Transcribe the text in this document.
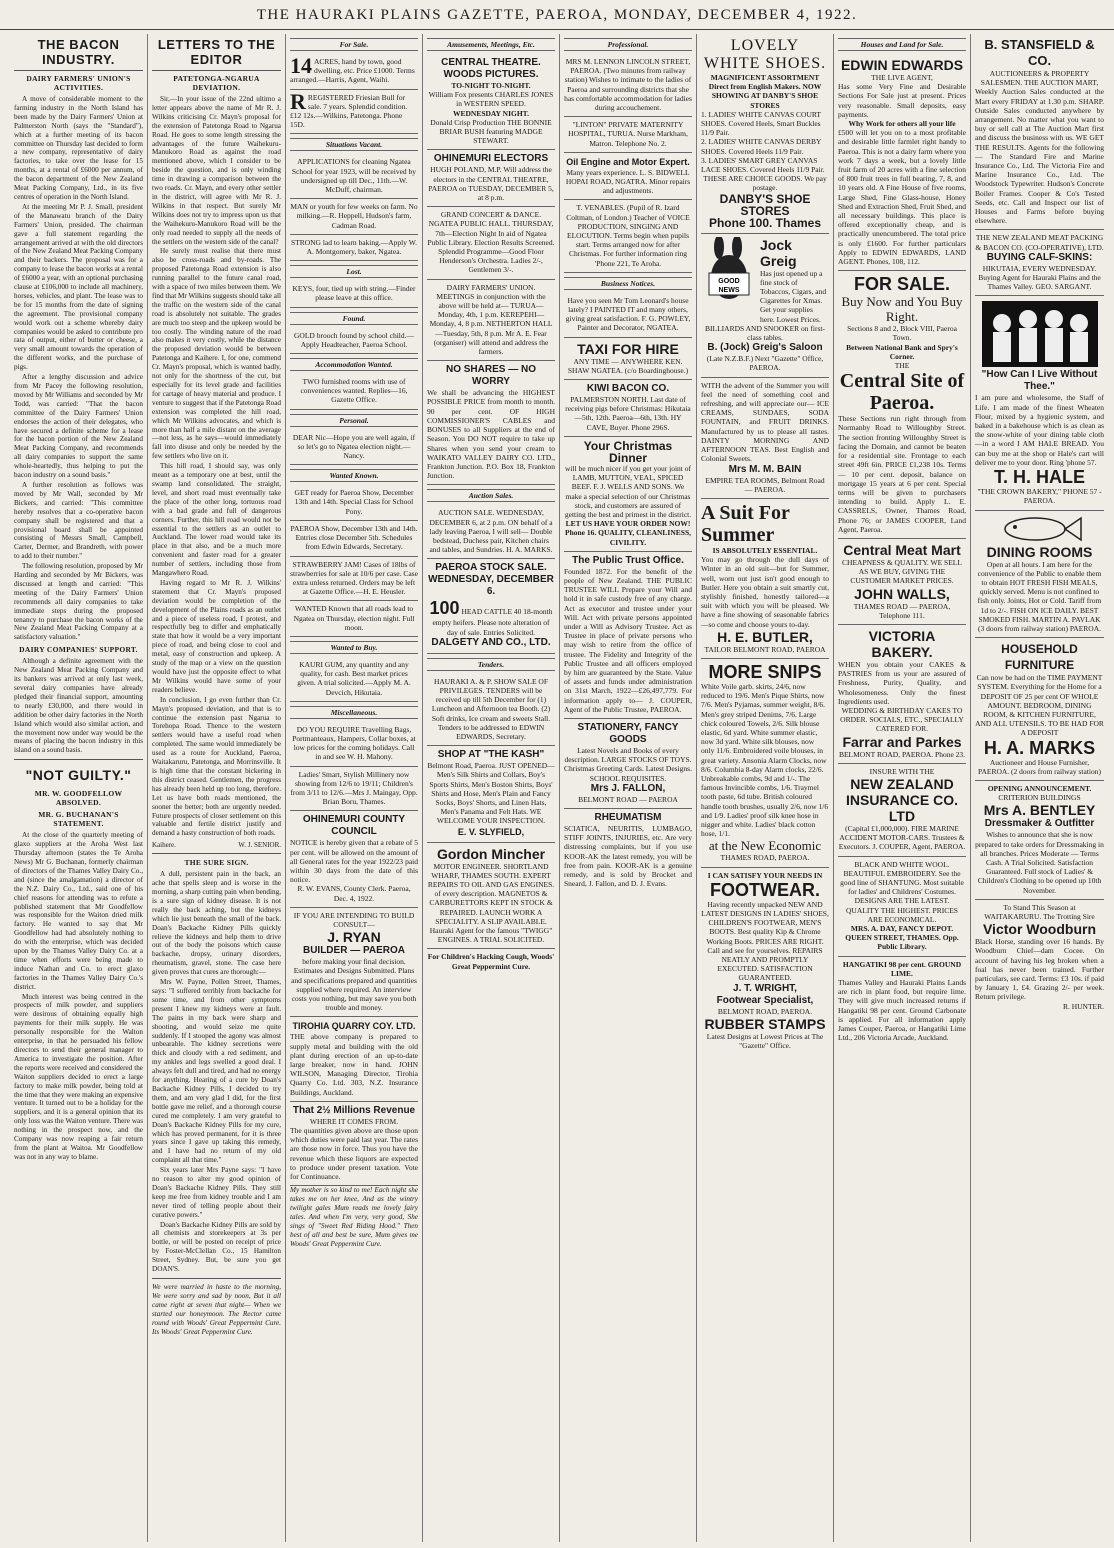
THE HAURAKI PLAINS GAZETTE, PAEROA, MONDAY, DECEMBER 4, 1922.
THE BACON INDUSTRY.
DAIRY FARMERS' UNION'S ACTIVITIES.

A move of considerable moment to the farming industry in the North Island has been made by the Dairy Farmers' Union at Palmerston North (says the "Standard"), which at a further meeting of its bacon committee on Thursday last decided to form a new company, representative of dairy factories, to take over the lease for 15 months, at a rental of £6000 per annum, of the bacon department of the New Zealand Meat Packing Company, Ltd., in its five centres of operation in the North Island.

At the meeting Mr P. J. Small, president of the Manawatu branch of the Dairy Farmers' Union, presided. The chairman gave a full statement regarding the arrangement arrived at with the old directors of the New Zealand Meat Packing Company and their backers. The proposal was for a company to lease the bacon works at a rental of £6000 a year, with an optional purchasing clause at £106,000 to include all machinery, horses, vehicles, and plant. The lease was to be for 15 months from the date of signing the agreement. The provisional company would work out a scheme whereby dairy companies would be asked to contribute pro rata of output, either of butter or cheese, a very small amount towards the operation of the different works, and the purchase of pigs.

After a lengthy discussion and advice from Mr Pacey the following resolution, moved by Mr Williams and seconded by Mr Todd, was carried: "That the bacon committee of the Dairy Farmers' Union endorses the action of their delegates, who have secured a definite scheme for a lease for the bacon portion of the New Zealand Meat Packing Company, and recommends all dairy companies to support the same whole-heartedly, thus helping to put the bacon industry on a sound basis."

A further resolution as follows was moved by Mr Wall, seconded by Mr Bickers, and carried: "This committee hereby resolves that a co-operative bacon company shall be registered and that a provisional board shall be appointed consisting of Messrs Small, Campbell, Carter, Dermer, and Brandreth, with power to add to their number."

The following resolution, proposed by Mr Harding and seconded by Mr Bickers, was discussed at length and carried: "This meeting of the Dairy Farmers' Union recommends all dairy companies to take immediate steps during the proposed tenancy to purchase the bacon works of the New Zealand Meat Packing Company at a satisfactory valuation."

DAIRY COMPANIES' SUPPORT.

Although a definite agreement with the New Zealand Meat Packing Company and its bankers was arrived at only last week, several dairy companies have already pledged their financial support, amounting to nearly £30,000, and there would in addition be other dairy factories in the North Island which would also similar action, and the movement now under way would be the means of placing the bacon industry in this island on a sound basis.

"NOT GUILTY."
MR. W. GOODFELLOW ABSOLVED.
MR. G. BUCHANAN'S STATEMENT.

At the close of the quarterly meeting of glaxo suppliers at the Aroha West last Thursday afternoon (states the Te Aroha News) Mr G. Buchanan, formerly chairman of directors of the Thames Valley Dairy Co., and (since the amalgamation) a director of the N.Z. Dairy Co., Ltd., said one of his chief reasons for attending was to refute a published statement that Mr Goodfellow was responsible for the Waiton dried milk factory. He wanted to say that Mr Goodfellow had had absolutely nothing to do with the enterprise, which was decided upon by the Thames Valley Dairy Co. at a time when efforts were being made to induce Nathan and Co. to erect glaxo factories in the Thames Valley Dairy Co.'s district.

Much interest was being centred in the prospects of milk powder, and suppliers were desirous of obtaining equally high payments for their milk supply. He was personally responsible for the Walton enterprise, in that he persuaded his fellow directors to send their general manager to America to investigate the position. After the reports were received and considered the Waiton suppliers decided to erect a large factory to make milk powder, being told at the time that they were making an expensive venture. It turned out to be a holiday for the suppliers, and it is a general opinion that its only loss was the Waiton venture. There was nothing in the prospect now, and the Company was now reaping a fair return from the plant at Waitoa. Mr Goodfellow was not in any way to blame.

LETTERS TO THE EDITOR
PATETONGA-NGARUA DEVIATION.

Sir,—In your issue of the 22nd ultimo a letter appears above the name of Mr R. J. Wilkins criticising Cr. Mayn's proposal for the extension of Patetonga Road to Ngarua Road. He goes to some length stressing the advantages of the future Waihekuru-Manukoro Road as against the road mentioned above, which I consider to be beside the question, and is only winding time in drawing a comparison between the two roads. Cr. Mayn, and every other settler in the district, will agree with Mr R. J. Wilkins in that respect. But surely Mr Wilkins does not try to impress upon us that the Waihekuru-Manukoro Road will be the only road needed to supply all the needs of the settlers on the western side of the canal?

He surely must realise that there must also be cross-roads and by-roads. The proposed Patetonga Road extension is also running parallel to the future canal road, with a space of two miles between them. We find that Mr Wilkins suggests should take all the traffic on the western side of the canal road is absolutely not suitable. The grades are much too steep and the upkeep would be too costly. The winding nature of the road also makes it very costly, while the distance the proposed deviation would be between Patetonga and Kaihere. I, for one, commend Cr. Mayn's proposal, which is wanted badly, not only for the shortness of the cut, but especially for its level grade and facilities for cartage of heavy material and produce. I venture to suggest that if the Patetonga Road extension was completed the hill road, which Mr Wilkins advocates, and which is more than half a mile distant on the average—not less, as he says—would immediately fall into disuse and only be needed by the few settlers who live on it.

This hill road, I should say, was only meant as a temporary one at best, until the swamp land consolidated. The straight, level, and short road must eventually take the place of the other long, tortuous road with a bad grade and full of dangerous corners. Further, this hill road would not be essential to the settlers as an outlet to Auckland. The lower road would take its place in that also, and be a much more convenient and faster road for a greater number of settlers, including those from Mangawhero Road.

Having regard to Mr R. J. Wilkins' statement that Cr. Mayn's proposed deviation would be completion of the development of the Plains roads as an outlet and a piece of useless road, I protest, and respectfully beg to differ and emphatically state that how it would be a very important piece of road, and being close to cool and metal, easy of construction and upkeep. A study of the map or a view on the question would have just the opposite effect to what Mr Wilkins would have some of your readers believe.

In conclusion, I go even further than Cr. Mayn's proposed deviation, and that is to continue the extension past Ngarua to Torehopa Road. Thence to the western settlers would have a useful road when completed. The same would immediately be used as a route for Auckland, Paeroa, Waitakaruru, Patetonga, and Morrinsville. It is high time that the constant bickering in this district ceased. Gentlemen, the progress has already been held up too long, therefore. Let us have both roads mentioned, the sooner the better; both are urgently needed. Future prospects of closer settlement on this valuable and fertile district justify and demand a hasty construction of both roads.

Kaihere.	W. J. SENIOR.
THE SURE SIGN.

A dull, persistent pain in the back, an ache that spells sleep and is worse in the morning, a sharp cutting pain when bending, is a sure sign of kidney disease. It is not really the back aching, but the kidneys which lie just beneath the small of the back. Doan's Backache Kidney Pills quickly relieve the kidneys and help them to drive out of the body the poisons which cause backache, dropsy, urinary disorders, rheumatism, gravel, stone. The case here given proves that cures are thorough:—

Mrs W. Payne, Pollen Street, Thames, says: "I suffered terribly from backache for some time, and from other symptoms present I knew my kidneys were at fault. The pains in my back were sharp and shooting, and would seize me quite suddenly. If I stooped the agony was almost unbearable. The kidney secretions were thick and cloudy with a red sediment, and my ankles and legs swelled a good deal. I always felt dull and tired, and had no energy for anything. Hearing of a cure by Doan's Backache Kidney Pills, I decided to try them, and am very glad I did, for the first bottle gave me relief, and a thorough course cured me completely. I am very grateful to Doan's Backache Kidney Pills for my cure, which has proved permanent, for it is three years since I gave up taking this remedy, and I have had no return of my old complaint all that time."

Six years later Mrs Payne says: "I have no reason to alter my good opinion of Doan's Backache Kidney Pills. They still keep me free from kidney trouble and I am never tired of telling people about their curative powers."

Doan's Backache Kidney Pills are sold by all chemists and storekeepers at 3s per bottle, or will be posted on receipt of price by Foster-McClellan Co., 15 Hamilton Street, Sydney. But, be sure you get DOAN'S.

We were married in haste to the morning, We were sorry and sad by noon, But it all came right at seven that night— When we started our honeymoon. The Rector came round with Woods' Great Peppermint Cure. Its Woods' Great Peppermint Cure.
For Sale.
14 ACRES, hand by town, good dwelling, etc. Price £1000. Terms arranged.—Harris, Agent, Waihi.
RREGISTERED Friesian Bull for sale. 7 years. Splendid condition. £12 12s.—Wilkins, Patetonga. Phone 15D.
Situations Vacant.
APPLICATIONS for cleaning Ngatea School for year 1923, will be received by undersigned up till Dec., 11th.—W. McDuff, chairman.
MAN or youth for few weeks on farm. No milking.—R. Heppell, Hudson's farm, Cadman Road.
STRONG lad to learn baking.—Apply W. A. Montgomery, baker, Ngatea.
Lost.
KEYS, four, tied up with string.—Finder please leave at this office.
Found.
GOLD brooch found by school child.—Apply Headteacher, Paeroa School.
Accommodation Wanted.
TWO furnished rooms with use of conveniences wanted. Replies—16, Gazette Office.
Personal.
DEAR Nic—Hope you are well again, if so let's go to Ngatea election night.—Nancy.
Wanted Known.
GET ready for Paeroa Show, December 13th and 14th. Special Class for School Pony.
PAEROA Show, December 13th and 14th. Entries close December 5th. Schedules from Edwin Edwards, Secretary.
STRAWBERRY JAM! Cases of 18lbs of strawberries for sale at 10/6 per case. Case extra unless returned. Orders may be left at Gazette Office.—H. E. Heusler.
WANTED Known that all roads lead to Ngatea on Thursday, election night. Full moon.
Wanted to Buy.
KAURI GUM, any quantity and any quality, for cash. Best market prices given. A trial solicited.—Apply M. A. Devcich, Hikutaia.
Miscellaneous.
DO YOU REQUIRE Travelling Bags, Portmanteaux, Hampers, Collar boxes, at low prices for the coming holidays. Call in and see W. H. Mahony.
Ladies' Smart, Stylish Millinery now showing from 12/6 to 19/11; Children's from 3/11 to 12/6.—Mrs J. Maingay, Opp. Brian Boru, Thames.
OHINEMURI COUNTY COUNCIL
NOTICE is hereby given that a rebate of 5 per cent. will be allowed on the amount of all General rates for the year 1922/23 paid within 30 days from the date of this notice.
R. W. EVANS, County Clerk. Paeroa, Dec. 4, 1922.
IF YOU ARE INTENDING TO BUILD CONSULT—
J. RYAN
BUILDER — PAEROA
before making your final decision. Estimates and Designs Submitted. Plans and specifications prepared and quantities supplied where required. An interview costs you nothing, but may save you both trouble and money.
TIROHIA QUARRY COY. LTD.
THE above company is prepared to supply metal and building with the old plant during erection of an up-to-date large breaker, now in hand. JOHN WILSON, Managing Director, Tirohia Quarry Co. Ltd. 303, N.Z. Insurance Buildings, Auckland.
That 2½ Millions Revenue
WHERE IT COMES FROM.
The quantities given above are those upon which duties were paid last year. The rates are those now in force. Thus you have the revenue which these liquors are expected to produce under present taxation. Vote for Continuance.
My mother is so kind to me! Each night she takes me on her knee, And as the wintry twilight gales Mum reads me lovely fairy tales. And when I'm very, very good, She sings of "Sweet Red Riding Hood." Then best of all and best be sure, Mum gives me Woods' Great Peppermint Cure.
Amusements, Meetings, Etc.
CENTRAL THEATRE.
WOODS PICTURES.
TO-NIGHT TO-NIGHT.
William Fox presents CHARLES JONES in WESTERN SPEED.
WEDNESDAY NIGHT.
Donald Crisp Production THE BONNIE BRIAR BUSH featuring MADGE STEWART.
OHINEMURI ELECTORS
HUGH POLAND, M.P. Will address the electors in the CENTRAL THEATRE, PAEROA on TUESDAY, DECEMBER 5, at 8 p.m.
GRAND CONCERT & DANCE. NGATEA PUBLIC HALL. THURSDAY, 7th—Election Night In aid of Ngatea Public Library. Election Results Screened. Splendid Programme—Good Floor Henderson's Orchestra. Ladies 2/-, Gentlemen 3/-.
DAIRY FARMERS' UNION. MEETINGS in conjunction with the above will be held at— TURUA—Monday, 4th, 1 p.m. KEREPEHI—Monday, 4, 8 p.m. NETHERTON HALL—Tuesday, 5th, 8 p.m. Mr A. E. Fear (organiser) will attend and address the farmers.
NO SHARES — NO WORRY
We shall be advancing the HIGHEST POSSIBLE PRICE from month to month. 90 per cent. OF HIGH COMMISSIONER'S CABLES and BONUSES to all Suppliers at the end of Season. You DO NOT require to take up Shares when you send your cream to WAIKATO VALLEY DAIRY CO. LTD., Frankton Junction. P.O. Box 18, Frankton Junction.
Auction Sales.
AUCTION SALE. WEDNESDAY, DECEMBER 6, at 2 p.m. ON behalf of a lady leaving Paeroa, I will sell— Double bedstead, Duchess pair, Kitchen chairs and tables, and Sundries. H. A. MARKS.
PAEROA STOCK SALE. WEDNESDAY, DECEMBER 6.
100 HEAD CATTLE 40 18-month empty heifers. Please note alteration of day of sale. Entries Solicited.
DALGETY AND CO., LTD.
Tenders.
HAURAKI A. & P. SHOW SALE OF PRIVILEGES. TENDERS will be received up till 5th December for (1) Luncheon and Afternoon tea Booth. (2) Soft drinks, Ice cream and sweets Stall. Tenders to be addressed to EDWIN EDWARDS, Secretary.
SHOP AT "THE KASH"
Belmont Road, Paeroa. JUST OPENED— Men's Silk Shirts and Collars, Boy's Sports Shirts, Men's Boston Shirts, Boys' Shirts and Hose, Men's Plain and Fancy Socks, Boys' Shorts, and Linen Hats, Men's Panama and Felt Hats. WE WELCOME YOUR INSPECTION.
E. V. SLYFIELD,
Gordon Mincher
MOTOR ENGINEER. SHORTLAND WHARF, THAMES SOUTH. EXPERT REPAIRS TO OIL AND GAS ENGINES. of every description. MAGNETOS & CARBURETTORS KEPT IN STOCK & REPAIRED. LAUNCH WORK A SPECIALITY. A SLIP AVAILABLE. Hauraki Agent for the famous "TWIGG" ENGINES. A TRIAL SOLICITED.
For Children's Hacking Cough, Woods' Great Peppermint Cure.
Professional.
MRS M. LENNON LINCOLN STREET, PAEROA. (Two minutes from railway station) Wishes to intimate to the ladies of Paeroa and surrounding districts that she has comfortable accommodation for ladies during accouchement.
"LINTON" PRIVATE MATERNITY HOSPITAL, TURUA. Nurse Markham, Matron. Telephone No. 2.
Oil Engine and Motor Expert.
Many years experience. L. S. BIDWELL HOPAI ROAD, NGATRA. Minor repairs and adjustments.
T. VENABLES. (Pupil of R. Izard Coltman, of London.) Teacher of VOICE PRODUCTION, SINGING AND ELOCUTION. Terms begin when pupils start. Terms arranged now for after Christmas. For further information ring 'Phone 221, Te Aroha.
Business Notices.
Have you seen Mr Tom Leonard's house lately? I PAINTED IT and many others, giving great satisfaction. F. G. POWLEY, Painter and Decorator, NGATEA.
TAXI FOR HIRE
ANY TIME — ANYWHERE KEN. SHAW NGATEA. (c/o Boardinghouse.)
KIWI BACON CO.
PALMERSTON NORTH. Last date of receiving pigs before Christmas: Hikutaia—5th, 12th. Paeroa—6th, 13th. HY CAVE, Buyer. Phone 296S.
Your Christmas Dinner
will be much nicer if you get your joint of LAMB, MUTTON, VEAL, SPICED BEEF. F. J. WELLS AND SONS. We make a special selection of our Christmas stock, and customers are assured of getting the best and primest in the district.
LET US HAVE YOUR ORDER NOW! Phone 16. QUALITY, CLEANLINESS, CIVILITY.
The Public Trust Office.
Founded 1872. For the benefit of the people of New Zealand. THE PUBLIC TRUSTEE WILL Prepare your Will and hold it in safe custody free of any charge. Act as executor and trustee under your Will. Act with private persons appointed under a Will as Advisory Trustee. Act as Trustee in place of private persons who may wish to retire from the office of trustee. The Fidelity and Integrity of the Public Trustee and all officers employed by him are guaranteed by the State. Value of assets and funds under administration on 31st March, 1922—£26,497,779. For information apply to— J. COUPER, Agent of the Public Trustee, PAEROA.
STATIONERY, FANCY GOODS
Latest Novels and Books of every description. LARGE STOCKS OF TOYS. Christmas Greeting Cards. Latest Designs. SCHOOL REQUISITES.
Mrs J. FALLON,
BELMONT ROAD — PAEROA
RHEUMATISM
SCIATICA, NEURITIS, LUMBAGO, STIFF JOINTS, INJURIES, etc. Are very distressing complaints, but if you use KOOR-AK the latest remedy, you will be free from pain. KOOR-AK is a genuine remedy, and is sold by Brocket and Sneard, J. Fallon, and D. J. Evans.
LOVELY WHITE SHOES.
MAGNIFICENT ASSORTMENT Direct from English Makers. NOW SHOWING AT DANBY'S SHOE STORES
1. LADIES' WHITE CANVAS COURT SHOES. Covered Heels, Smart Buckles 11/9 Pair.
2. LADIES' WHITE CANVAS DERBY SHOES. Covered Heels 11/9 Pair.
3. LADIES' SMART GREY CANVAS LACE SHOES. Covered Heels 11/9 Pair.
THESE ARE CHOICE GOODS. We pay postage.
DANBY'S SHOE STORES
Phone 100. Thames
GOOD
NEWS
Jock Greig
Has just opened up a fine stock of Tobaccos, Cigars, and Cigarettes for Xmas. Get your supplies here. Lowest Prices.
BILLIARDS AND SNOOKER on first-class tables.
B. (Jock) Greig's Saloon
(Late N.Z.B.F.) Next "Gazette" Office, PAEROA.
WITH the advent of the Summer you will feel the need of something cool and refreshing, and will appreciate our— ICE CREAMS, SUNDAES, SODA FOUNTAIN, and FRUIT DRINKS. Manufactured by us to please all tastes. DAINTY MORNING AND AFTERNOON TEAS. Best English and Colonial Sweets.
Mrs M. M. BAIN
EMPIRE TEA ROOMS, Belmont Road — PAEROA.
A Suit For Summer
IS ABSOLUTELY ESSENTIAL.
You may go through the dull days of Winter in an old suit—but for Summer, well, worn out just isn't good enough to Butler. Here you obtain a suit smartly cut, stylishly finished, honestly tailored—a suit with which you will be pleased. We have a fine showing of seasonable fabrics—so come and choose yours to-day.
H. E. BUTLER,
TAILOR BELMONT ROAD, PAEROA
MORE SNIPS
White Voile garb. skirts, 24/6, now reduced to 19/6. Men's Pique Shirts, now 7/6. Men's Pyjamas, summer weight, 8/6. Men's grey striped Denims, 7/6. Large chick coloured Towels, 2/6. Silk blouse elastic, 6d yard. White summer elastic, now 3d yard. White silk blouses, now only 11/6. Embroidered voile blouses, in great variety. Ansonia Alarm Clocks, now 8/6. Columbia 8-day Alarm clocks, 22/6. Unbreakable combs, 9d and 1/-. The famous Invincible combs, 1/6. Traymel tooth paste, 6d tube. British coloured handle tooth brushes, usually 2/6, now 1/6 and 1/9. Ladies' proof silk knee hose in nigger and white. Ladies' black cotton hose, 1/1.
at the New Economic
THAMES ROAD, PAEROA.
I CAN SATISFY YOUR NEEDS IN
FOOTWEAR.
Having recently unpacked NEW AND LATEST DESIGNS IN LADIES' SHOES, CHILDREN'S FOOTWEAR, MEN'S BOOTS. Best quality Kip & Chrome Working Boots. PRICES ARE RIGHT. Call and see for yourselves. REPAIRS NEATLY AND PROMPTLY EXECUTED. SATISFACTION GUARANTEED.
J. T. WRIGHT,
Footwear Specialist,
BELMONT ROAD, PAEROA.
RUBBER STAMPS
Latest Designs at Lowest Prices at The "Gazette" Office.
Houses and Land for Sale.
EDWIN EDWARDS
THE LIVE AGENT,
Has some Very Fine and Desirable Sections For Sale just at present. Prices very reasonable. Small deposits, easy payments.
Why Work for others all your life
£500 will let you on to a most profitable and desirable little farmlet right handy to Paeroa. This is not a dairy farm where you work 7 days a week, but a lovely little fruit farm of 20 acres with a fine selection of 800 fruit trees in full bearing, 7, 8, and 10 years old. A Fine House of five rooms, Large Shed, Fine Glass-house, Honey Shed and Extraction Shed, Fruit Shed, and all necessary buildings. This place is offered exceptionally cheap, and is practically unencumbered. The total price is only £1600. For further particulars Apply to EDWIN EDWARDS, LAND AGENT. Phones, 108, 112.
FOR SALE.
Buy Now and You Buy Right.
Sections 8 and 2, Block VIII, Paeroa Town.
Between National Bank and Spry's Corner.
THE
Central Site of Paeroa.
These Sections run right through from Normanby Road to Willoughby Street. The section fronting Willoughby Street is facing the Domain, and cannot be beaten for a residential site. Frontage to each street 49ft 6in. PRICE £1,238 10s. Terms — 10 per cent. deposit, balance on mortgage 15 years at 6 per cent. Special terms will be given to purchasers intending to build. Apply L. E. CASSRELS, Owner, Thames Road, Phone 76; or JAMES COOPER, Land Agent, Paeroa.
Central Meat Mart
CHEAPNESS & QUALITY. WE SELL AS WE BUY, GIVING THE CUSTOMER MARKET PRICES.
JOHN WALLS,
THAMES ROAD — PAEROA, Telephone 111.
VICTORIA BAKERY.
WHEN you obtain your CAKES & PASTRIES from us your are assured of Freshness, Purity, Quality, and Wholesomeness. Only the finest Ingredients used.
WEDDING & BIRTHDAY CAKES TO ORDER. SOCIALS, ETC., SPECIALLY CATERED FOR.
Farrar and Parkes
BELMONT ROAD, PAEROA. Phone 23.
INSURE WITH THE
NEW ZEALAND INSURANCE CO. LTD
(Capital £1,000,000). FIRE MARINE ACCIDENT MOTOR-CARS. Trustees & Executors. J. COUPER, Agent, PAEROA.
BLACK AND WHITE WOOL. BEAUTIFUL EMBROIDERY. See the good line of SHANTUNG. Most suitable for ladies' and Childrens' Costumes. DESIGNS ARE THE LATEST. QUALITY THE HIGHEST. PRICES ARE ECONOMICAL.
MRS. A. DAY, FANCY DEPOT. QUEEN STREET, THAMES. Opp. Public Library.
HANGATIKI 98 per cent. GROUND LIME.
Thames Valley and Hauraki Plains Lands are rich in plant food, but require lime. They will give much increased returns if Hangatiki 98 per cent. Ground Carbonate is applied. For all information apply James Couper, Paeroa, or Hangatiki Lime Ltd., 206 Victoria Arcade, Auckland.
B. STANSFIELD & CO.
AUCTIONEERS & PROPERTY SALESMEN. THE AUCTION MART,
Weekly Auction Sales conducted at the Mart every FRIDAY at 1.30 p.m. SHARP. Outside Sales conducted anywhere by arrangement. No matter what you want to buy or sell call at The Auction Mart first and discuss the business with us. WE GET THE RESULTS. Agents for the following— The Standard Fire and Marine Insurance Co., Ltd. The Victoria Fire and Marine Insurance Co., Ltd. The Woodstock Typewriter. Hudson's Concrete Boiler Frames. Cooper & Co's Tested Seeds, etc. Call and Inspect our list of Houses and Farms before buying elsewhere.
THE NEW ZEALAND MEAT PACKING & BACON CO. (CO-OPERATIVE), LTD.
BUYING CALF-SKINS:
HIKUTAIA, EVERY WEDNESDAY. Buying Agent for Hauraki Plains and the Thames Valley. GEO. SARGANT.
"How Can I Live Without Thee."
I am pure and wholesome, the Staff of Life. I am made of the finest Wheaten Flour, mixed by a hygienic system, and baked in a bakehouse which is as clean as the snow-white of your dining table cloth—in a word I AM HALE BREAD. You can buy me at the shop or Hale's cart will deliver me to your door. Ring 'phone 57.
T. H. HALE
"THE CROWN BAKERY," PHONE 57 - PAEROA.
DINING ROOMS
Open at all hours. I am here for the convenience of the Public to enable them to obtain HOT FRESH FISH MEALS, quickly served. Menu is not confined to fish only. Joints, Hot or Cold. Tariff from 1d to 2/-. FISH ON ICE DAILY. BEST SMOKED FISH. MARTIN A. PAVLAK (3 doors from railway station) PAEROA.
HOUSEHOLD FURNITURE
Can now be had on the TIME PAYMENT SYSTEM. Everything for the Home for a DEPOSIT OF 25 per cent OF WHOLE AMOUNT. BEDROOM, DINING ROOM, & KITCHEN FURNITURE, AND ALL UTENSILS. TO BE HAD FOR A DEPOSIT
H. A. MARKS
Auctioneer and House Furnisher, PAEROA. (2 doors from railway station)
OPENING ANNOUNCEMENT.
CRITERION BUILDINGS
Mrs A. BENTLEY
Dressmaker & Outfitter
Wishes to announce that she is now prepared to take orders for Dressmaking in all branches. Prices Moderate — Terms Cash. A Trial Solicited. Satisfaction Guaranteed. Full stock of Ladies' & Children's Clothing to be opened up 10th November.
To Stand This Season at WAITAKARURU. The Trotting Sire
Victor Woodburn
Black Horse, standing over 16 hands. By Woodburn Chief—dam Cocee. On account of having his leg broken when a foal has never been trained. Further particulars, see card. Terms: £3 10s. if paid by January 1, £4. Grazing 2/- per week. Return privilege.
R. HUNTER.
